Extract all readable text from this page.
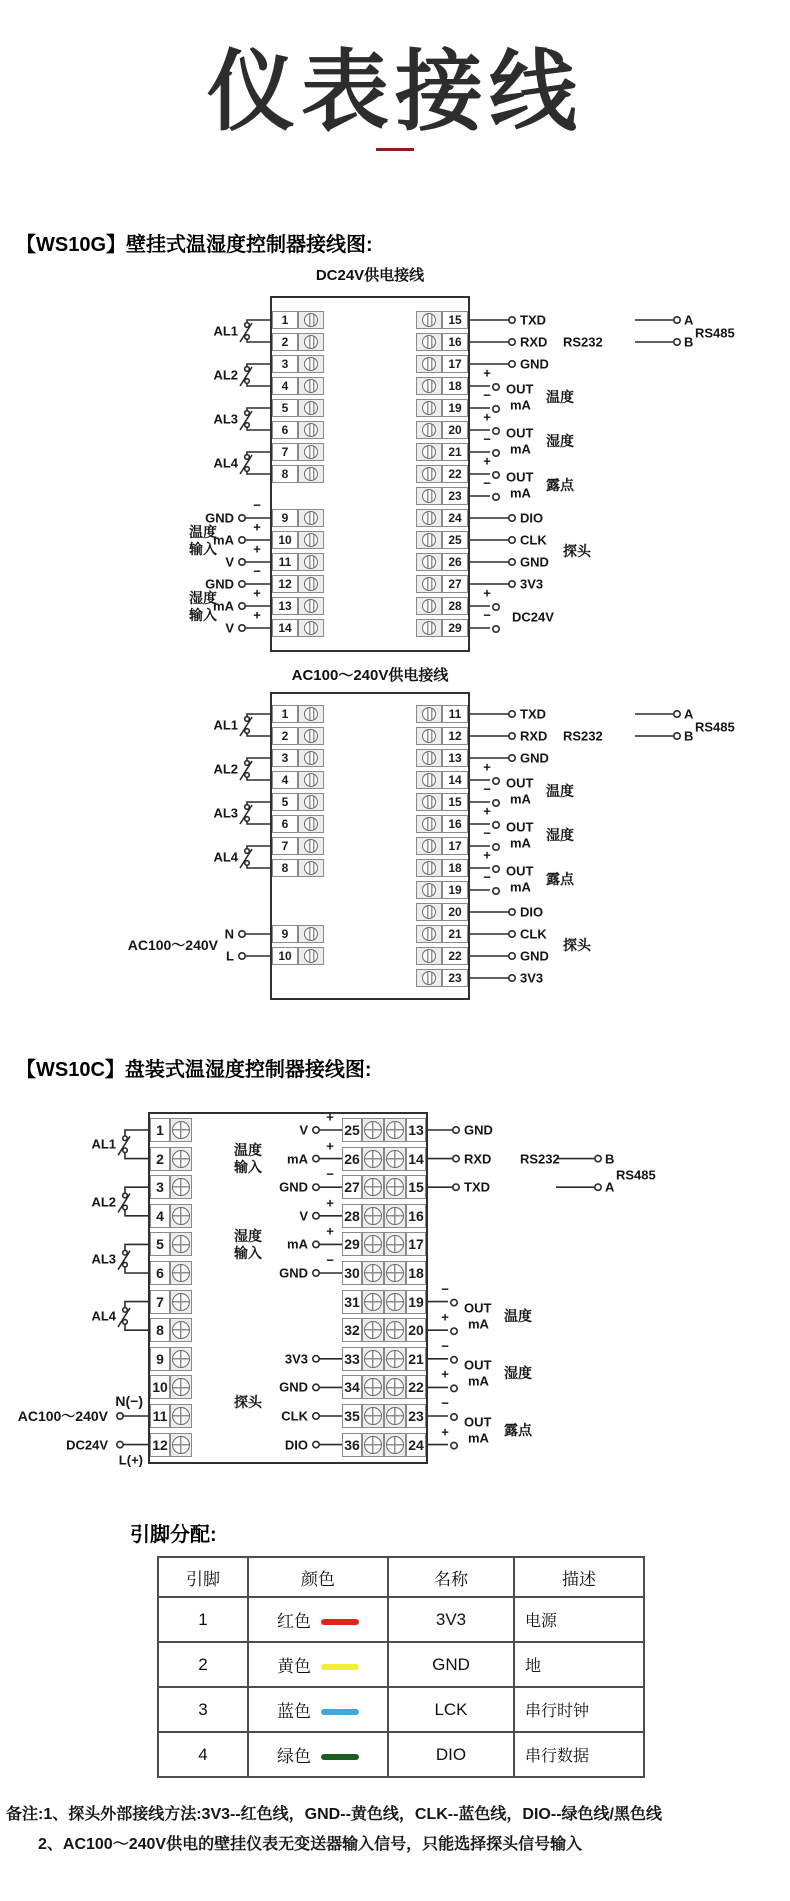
仪表接线
【WS10G】壁挂式温湿度控制器接线图:
DC24V供电接线
1
2
3
4
5
6
7
8
9
10
11
12
13
14
15
16
17
18
19
20
21
22
23
24
25
26
27
28
29
AL1
AL2
AL3
AL4
温度
输入
−
GND
+
mA
+
V
湿度
输入
−
GND
+
mA
+
V
TXD
RXD RS232
A
B
RS485
GND
+
− OUT
mA 温度
+
− OUT
mA 湿度
+
− OUT
mA 露点
DIO
CLK
GND
探头
3V3
+
− DC24V
AC100～240V供电接线
1
2
3
4
5
6
7
8
9
10
11
12
13
14
15
16
17
18
19
20
21
22
23
AL1
AL2
AL3
AL4
N
L
AC100～240V
TXD
RXD RS232
A
B
RS485
GND
+
− OUT
mA 温度
+
− OUT
mA 湿度
+
− OUT
mA 露点
DIO
CLK
GND
探头
3V3
【WS10C】盘装式温湿度控制器接线图:
1
2
3
4
5
6
7
8
9
10
11
12
25
26
27
28
29
30
31
32
33
34
35
36
13
14
15
16
17
18
19
20
21
22
23
24
AL1
AL2
AL3
AL4
N(−)
L(+)
AC100～240V
DC24V
温度
输入
+
V
+
mA
−
GND
湿度
输入
+
V
+
mA
−
GND
探头
3V3
GND
CLK
DIO
GND
RXD RS232
TXD
B
A
RS485
−
+
OUT
mA 温度
−
+
OUT
mA 湿度
−
+
OUT
mA 露点
引脚分配:
引脚	颜色	名称	描述
1	红色	3V3	电源
2	黄色	GND	地
3	蓝色	LCK	串行时钟
4	绿色	DIO	串行数据
备注:1、探头外部接线方法:3V3--红色线，GND--黄色线，CLK--蓝色线，DIO--绿色线/黑色线
2、AC100～240V供电的壁挂仪表无变送器输入信号，只能选择探头信号输入
